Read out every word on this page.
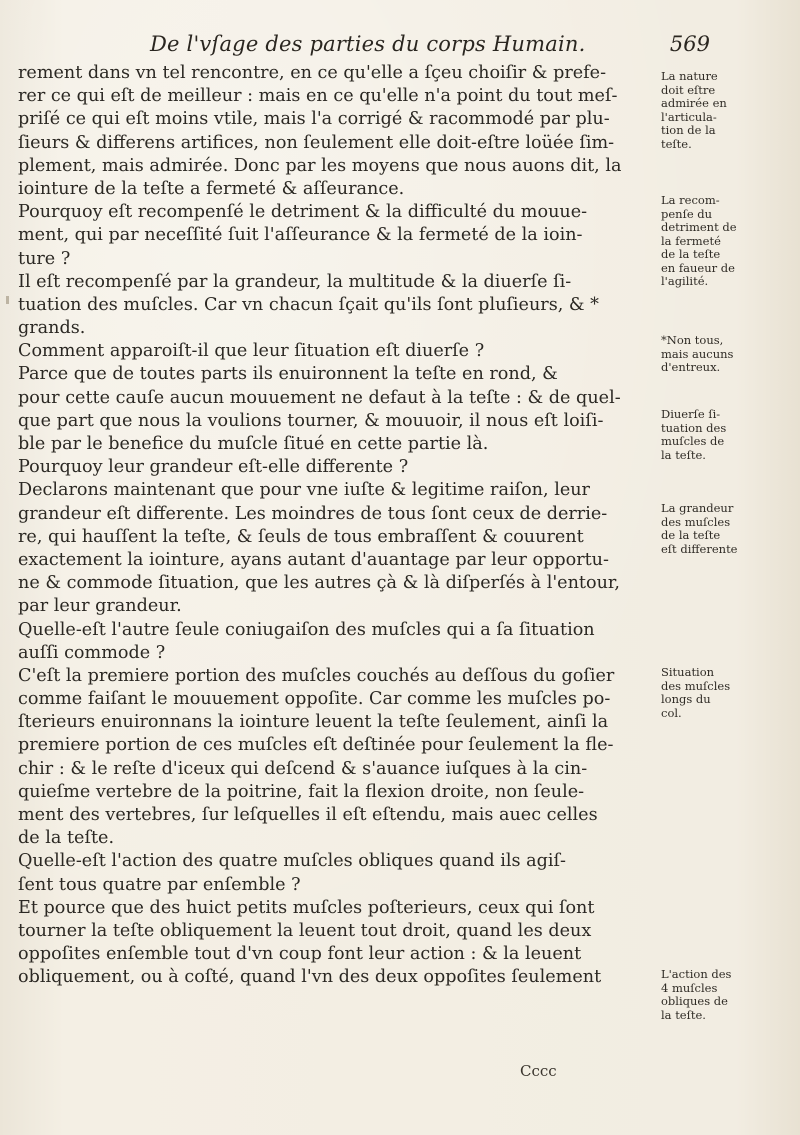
De l'vſage des parties du corps Humain.	569
rement dans vn tel rencontre, en ce qu'elle a ſçeu choiſir & prefe-
rer ce qui eſt de meilleur : mais en ce qu'elle n'a point du tout meſ-
priſé ce qui eſt moins vtile, mais l'a corrigé & racommodé par plu-
ſieurs & differens artifices, non ſeulement elle doit-eſtre loüée ſim-
plement, mais admirée. Donc par les moyens que nous auons dit, la
iointure de la teſte a fermeté & aſſeurance.
Pourquoy eſt recompenſé le detriment & la difficulté du mouue-
ment, qui par neceſſité ſuit l'aſſeurance & la fermeté de la ioin-
ture ?
Il eſt recompenſé par la grandeur, la multitude & la diuerſe ſi-
tuation des muſcles. Car vn chacun ſçait qu'ils ſont pluſieurs, & *
grands.
Comment apparoiſt-il que leur ſituation eſt diuerſe ?
Parce que de toutes parts ils enuironnent la teſte en rond, &
pour cette cauſe aucun mouuement ne defaut à la teſte : & de quel-
que part que nous la voulions tourner, & mouuoir, il nous eſt loiſi-
ble par le benefice du muſcle ſitué en cette partie là.
Pourquoy leur grandeur eſt-elle differente ?
Declarons maintenant que pour vne iuſte & legitime raiſon, leur
grandeur eſt differente. Les moindres de tous ſont ceux de derrie-
re, qui hauſſent la teſte, & ſeuls de tous embraſſent & couurent
exactement la iointure, ayans autant d'auantage par leur opportu-
ne & commode ſituation, que les autres çà & là diſperſés à l'entour,
par leur grandeur.
Quelle-eſt l'autre ſeule coniugaiſon des muſcles qui a ſa ſituation
auſſi commode ?
C'eſt la premiere portion des muſcles couchés au deſſous du goſier
comme faiſant le mouuement oppoſite. Car comme les muſcles po-
ſterieurs enuironnans la iointure leuent la teſte ſeulement, ainſi la
premiere portion de ces muſcles eſt deſtinée pour ſeulement la fle-
chir : & le reſte d'iceux qui deſcend & s'auance iuſques à la cin-
quieſme vertebre de la poitrine, fait la flexion droite, non ſeule-
ment des vertebres, ſur leſquelles il eſt eſtendu, mais auec celles
de la teſte.
Quelle-eſt l'action des quatre muſcles obliques quand ils agiſ-
ſent tous quatre par enſemble ?
Et pource que des huict petits muſcles poſterieurs, ceux qui ſont
tourner la teſte obliquement la leuent tout droit, quand les deux
oppoſites enſemble tout d'vn coup font leur action : & la leuent
obliquement, ou à coſté, quand l'vn des deux oppoſites ſeulement
La nature
doit eſtre
admirée en
l'articula-
tion de la
teſte.
La recom-
penſe du
detriment de
la fermeté
de la teſte
en faueur de
l'agilité.
*Non tous,
mais aucuns
d'entreux.
Diuerſe ſi-
tuation des
muſcles de
la teſte.
La grandeur
des muſcles
de la teſte
eſt differente
Situation
des muſcles
longs du
col.
L'action des
4 muſcles
obliques de
la teſte.
Cccc
